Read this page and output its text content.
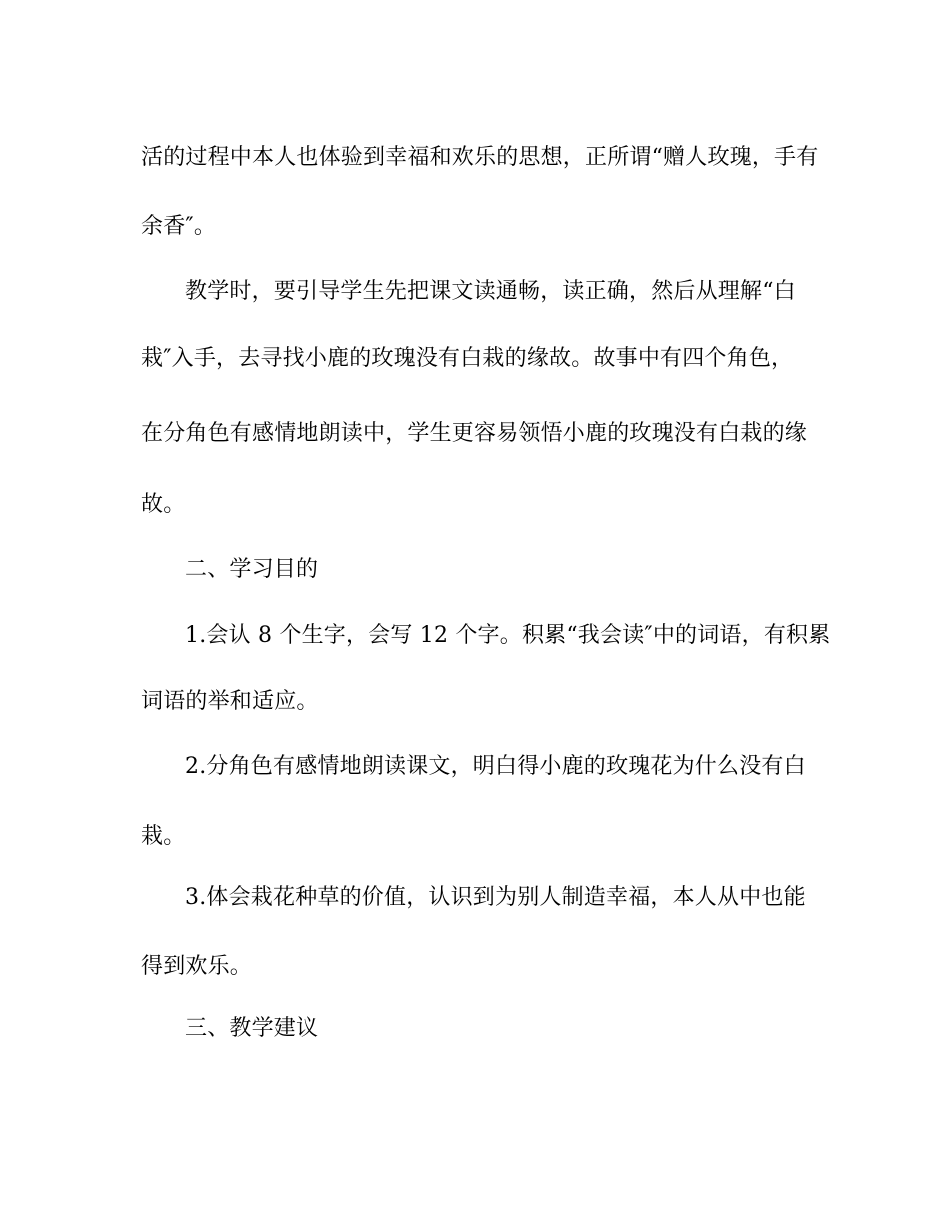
活的过程中本人也体验到幸福和欢乐的思想，正所谓“赠人玫瑰，手有
余香″。
教学时，要引导学生先把课文读通畅，读正确，然后从理解“白
栽″入手，去寻找小鹿的玫瑰没有白栽的缘故。故事中有四个角色，
在分角色有感情地朗读中，学生更容易领悟小鹿的玫瑰没有白栽的缘
故。
二、学习目的
1.会认 8 个生字，会写 12 个字。积累“我会读″中的词语，有积累
词语的举和适应。
2.分角色有感情地朗读课文，明白得小鹿的玫瑰花为什么没有白
栽。
3.体会栽花种草的价值，认识到为别人制造幸福，本人从中也能
得到欢乐。
三、教学建议
